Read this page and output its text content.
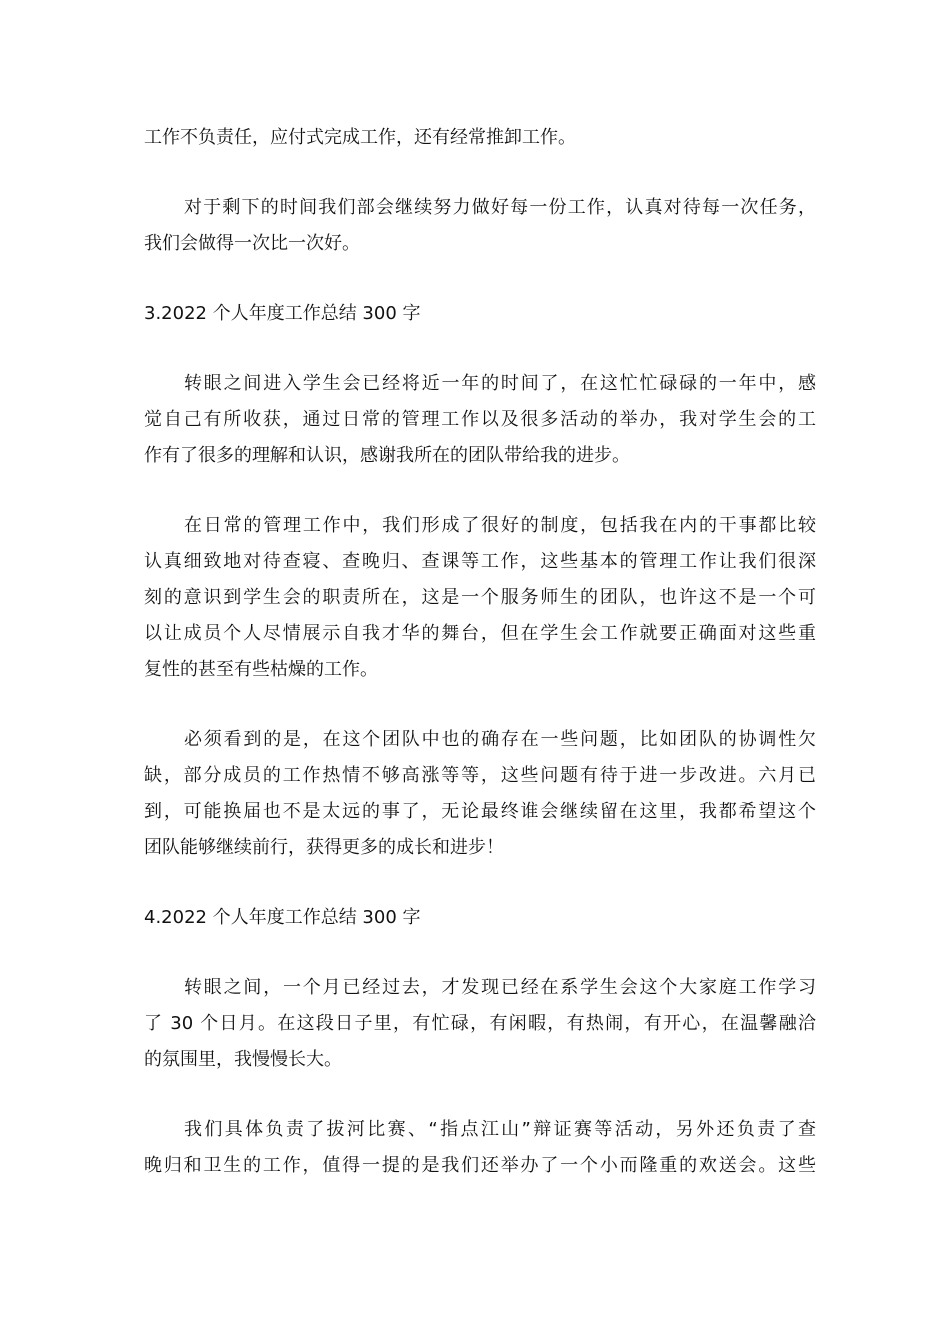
工作不负责任，应付式完成工作，还有经常推卸工作。
对于剩下的时间我们部会继续努力做好每一份工作，认真对待每一次任务，
我们会做得一次比一次好。
3.2022 个人年度工作总结 300 字
转眼之间进入学生会已经将近一年的时间了，在这忙忙碌碌的一年中，感
觉自己有所收获，通过日常的管理工作以及很多活动的举办，我对学生会的工
作有了很多的理解和认识，感谢我所在的团队带给我的进步。
在日常的管理工作中，我们形成了很好的制度，包括我在内的干事都比较
认真细致地对待查寝、查晚归、查课等工作，这些基本的管理工作让我们很深
刻的意识到学生会的职责所在，这是一个服务师生的团队，也许这不是一个可
以让成员个人尽情展示自我才华的舞台，但在学生会工作就要正确面对这些重
复性的甚至有些枯燥的工作。
必须看到的是，在这个团队中也的确存在一些问题，比如团队的协调性欠
缺，部分成员的工作热情不够高涨等等，这些问题有待于进一步改进。六月已
到，可能换届也不是太远的事了，无论最终谁会继续留在这里，我都希望这个
团队能够继续前行，获得更多的成长和进步！
4.2022 个人年度工作总结 300 字
转眼之间，一个月已经过去，才发现已经在系学生会这个大家庭工作学习
了 30 个日月。在这段日子里，有忙碌，有闲暇，有热闹，有开心，在温馨融洽
的氛围里，我慢慢长大。
我们具体负责了拔河比赛、“指点江山”辩证赛等活动，另外还负责了查
晚归和卫生的工作，值得一提的是我们还举办了一个小而隆重的欢送会。这些
